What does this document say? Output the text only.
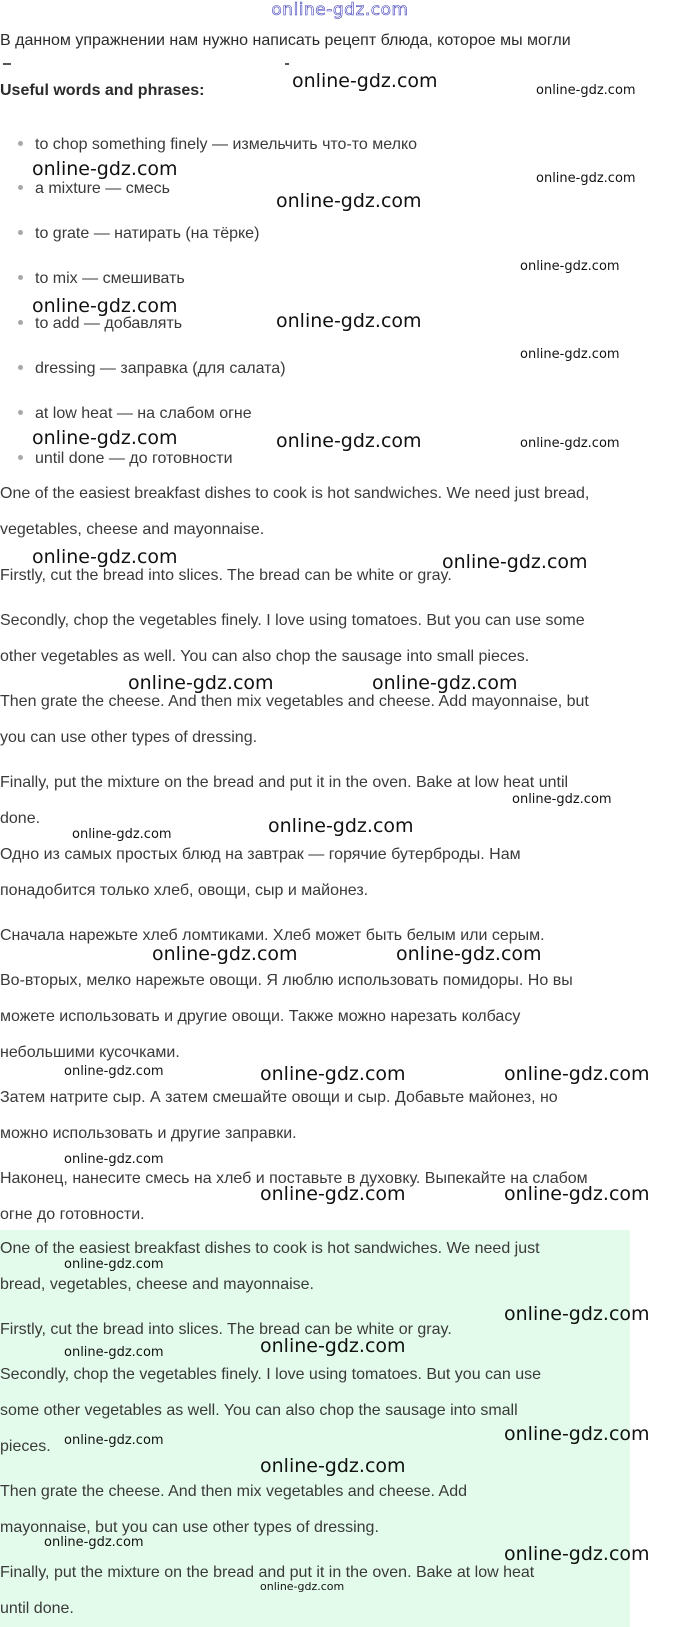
online-gdz.com
В данном упражнении нам нужно написать рецепт блюда, которое мы могли
Useful words and phrases:
to chop something finely — измельчить что-то мелко
a mixture — смесь
to grate — натирать (на тёрке)
to mix — смешивать
to add — добавлять
dressing — заправка (для салата)
at low heat — на слабом огне
until done — до готовности
One of the easiest breakfast dishes to cook is hot sandwiches. We need just bread,
vegetables, cheese and mayonnaise.
Firstly, cut the bread into slices. The bread can be white or gray.
Secondly, chop the vegetables finely. I love using tomatoes. But you can use some
other vegetables as well. You can also chop the sausage into small pieces.
Then grate the cheese. And then mix vegetables and cheese. Add mayonnaise, but
you can use other types of dressing.
Finally, put the mixture on the bread and put it in the oven. Bake at low heat until
done.
Одно из самых простых блюд на завтрак — горячие бутерброды. Нам
понадобится только хлеб, овощи, сыр и майонез.
Сначала нарежьте хлеб ломтиками. Хлеб может быть белым или серым.
Во-вторых, мелко нарежьте овощи. Я люблю использовать помидоры. Но вы
можете использовать и другие овощи. Также можно нарезать колбасу
небольшими кусочками.
Затем натрите сыр. А затем смешайте овощи и сыр. Добавьте майонез, но
можно использовать и другие заправки.
Наконец, нанесите смесь на хлеб и поставьте в духовку. Выпекайте на слабом
огне до готовности.
One of the easiest breakfast dishes to cook is hot sandwiches. We need just
bread, vegetables, cheese and mayonnaise.
Firstly, cut the bread into slices. The bread can be white or gray.
Secondly, chop the vegetables finely. I love using tomatoes. But you can use
some other vegetables as well. You can also chop the sausage into small
pieces.
Then grate the cheese. And then mix vegetables and cheese. Add
mayonnaise, but you can use other types of dressing.
Finally, put the mixture on the bread and put it in the oven. Bake at low heat
until done.
online-gdz.com
online-gdz.com
online-gdz.com
online-gdz.com
online-gdz.com
online-gdz.com	online-gdz.com
online-gdz.com	online-gdz.com
online-gdz.com	online-gdz.com
online-gdz.com
online-gdz.com	online-gdz.com
online-gdz.com	online-gdz.com
online-gdz.com	online-gdz.com
online-gdz.com
online-gdz.com
online-gdz.com
online-gdz.com
online-gdz.com
online-gdz.com
online-gdz.com
online-gdz.com
online-gdz.com
online-gdz.com
online-gdz.com
online-gdz.com
online-gdz.com
online-gdz.com
online-gdz.com
online-gdz.com
online-gdz.com
online-gdz.com
online-gdz.com
